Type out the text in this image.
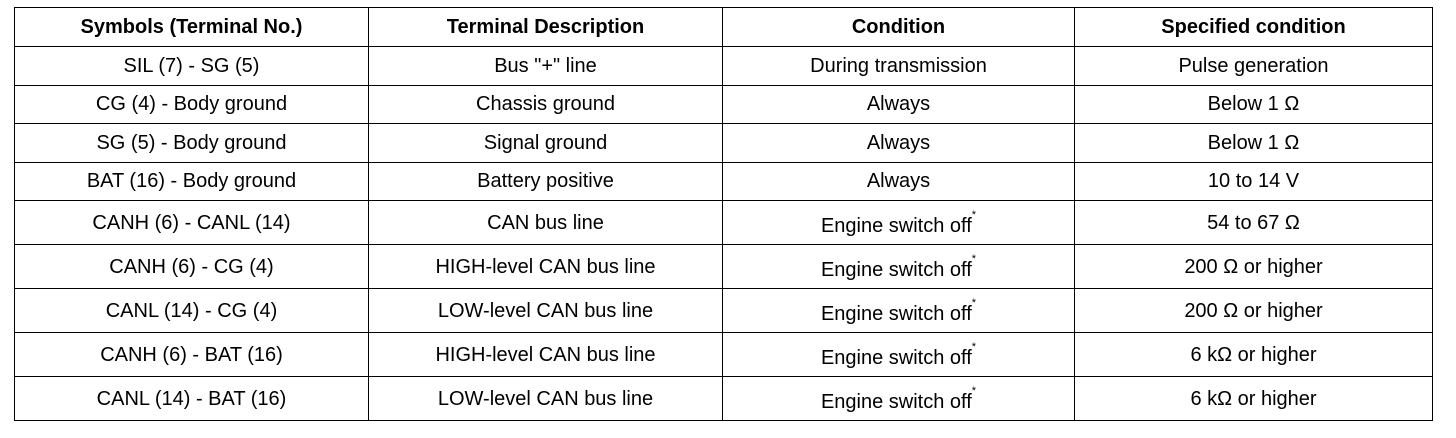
Symbols (Terminal No.)	Terminal Description	Condition	Specified condition
SIL (7) - SG (5)	Bus "+" line	During transmission	Pulse generation
CG (4) - Body ground	Chassis ground	Always	Below 1 Ω
SG (5) - Body ground	Signal ground	Always	Below 1 Ω
BAT (16) - Body ground	Battery positive	Always	10 to 14 V
CANH (6) - CANL (14)	CAN bus line	Engine switch off*	54 to 67 Ω
CANH (6) - CG (4)	HIGH-level CAN bus line	Engine switch off*	200 Ω or higher
CANL (14) - CG (4)	LOW-level CAN bus line	Engine switch off*	200 Ω or higher
CANH (6) - BAT (16)	HIGH-level CAN bus line	Engine switch off*	6 kΩ or higher
CANL (14) - BAT (16)	LOW-level CAN bus line	Engine switch off*	6 kΩ or higher
